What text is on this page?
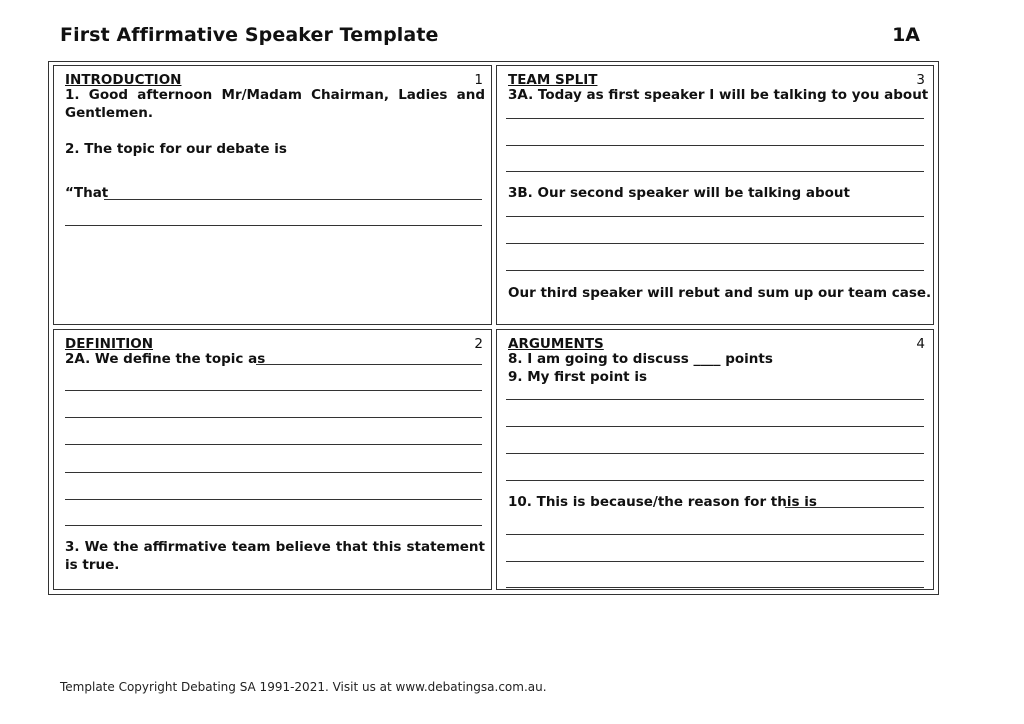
First Affirmative Speaker Template	1A
INTRODUCTION	1
1. Good afternoon Mr/Madam Chairman, Ladies and Gentlemen.
2. The topic for our debate is
“That
TEAM SPLIT	3
3A. Today as first speaker I will be talking to you about
3B. Our second speaker will be talking about
Our third speaker will rebut and sum up our team case.
DEFINITION	2
2A. We define the topic as
3. We the affirmative team believe that this statement is true.
ARGUMENTS	4
8. I am going to discuss ____ points
9. My first point is
10. This is because/the reason for this is
Template Copyright Debating SA 1991-2021. Visit us at www.debatingsa.com.au.
